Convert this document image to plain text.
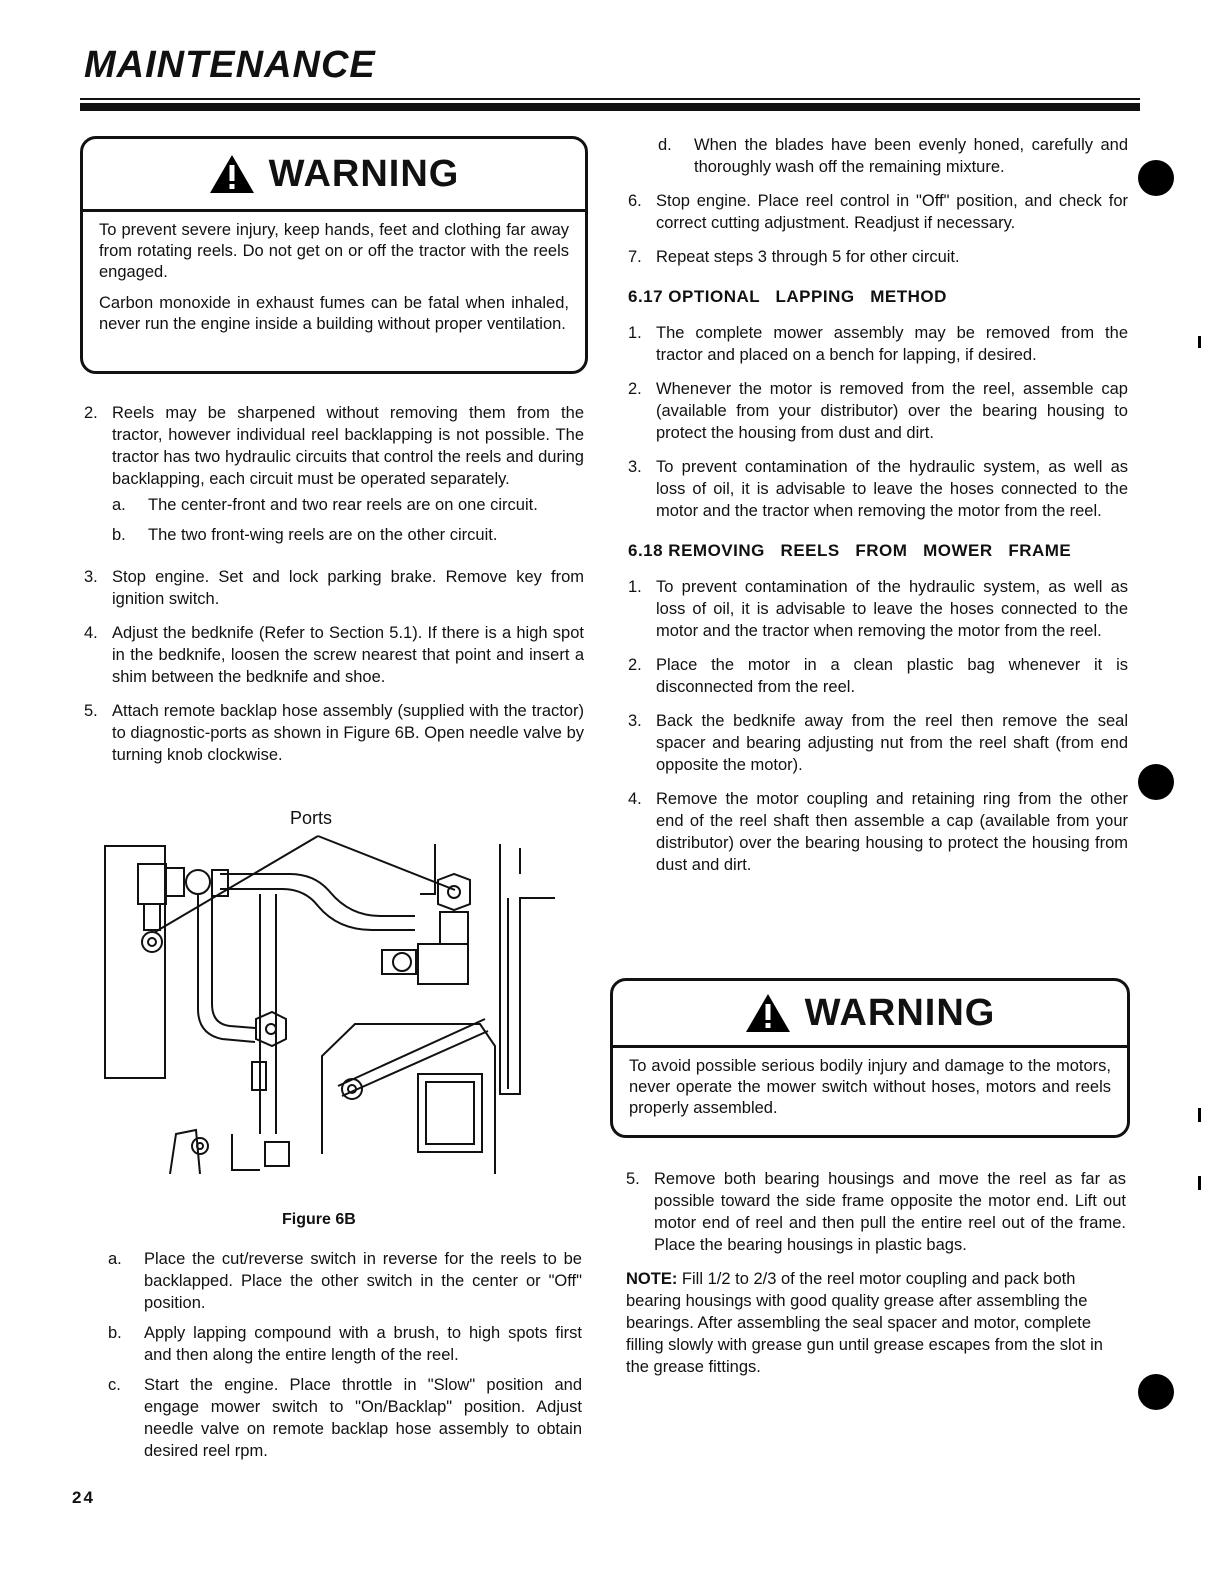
MAINTENANCE
WARNING

To prevent severe injury, keep hands, feet and clothing far away from rotating reels. Do not get on or off the tractor with the reels engaged.

Carbon monoxide in exhaust fumes can be fatal when inhaled, never run the engine inside a building without proper ventilation.

2. Reels may be sharpened without removing them from the tractor, however individual reel backlapping is not possible. The tractor has two hydraulic circuits that control the reels and during backlapping, each circuit must be operated separately.
a.	The center-front and two rear reels are on one circuit.
b.	The two front-wing reels are on the other circuit.
3. Stop engine. Set and lock parking brake. Remove key from ignition switch.
4. Adjust the bedknife (Refer to Section 5.1). If there is a high spot in the bedknife, loosen the screw nearest that point and insert a shim between the bedknife and shoe.
5. Attach remote backlap hose assembly (supplied with the tractor) to diagnostic-ports as shown in Figure 6B. Open needle valve by turning knob clockwise.
Ports
Figure 6B
a.	Place the cut/reverse switch in reverse for the reels to be backlapped. Place the other switch in the center or "Off" position.
b.	Apply lapping compound with a brush, to high spots first and then along the entire length of the reel.
c.	Start the engine. Place throttle in "Slow" position and engage mower switch to "On/Backlap" position. Adjust needle valve on remote backlap hose assembly to obtain desired reel rpm.
d.	When the blades have been evenly honed, carefully and thoroughly wash off the remaining mixture.
6. Stop engine. Place reel control in "Off" position, and check for correct cutting adjustment. Readjust if necessary.
7. Repeat steps 3 through 5 for other circuit.
6.17 OPTIONAL   LAPPING   METHOD
1. The complete mower assembly may be removed from the tractor and placed on a bench for lapping, if desired.
2. Whenever the motor is removed from the reel, assemble cap (available from your distributor) over the bearing housing to protect the housing from dust and dirt.
3. To prevent contamination of the hydraulic system, as well as loss of oil, it is advisable to leave the hoses connected to the motor and the tractor when removing the motor from the reel.
6.18 REMOVING   REELS   FROM   MOWER   FRAME
1. To prevent contamination of the hydraulic system, as well as loss of oil, it is advisable to leave the hoses connected to the motor and the tractor when removing the motor from the reel.
2. Place the motor in a clean plastic bag whenever it is disconnected from the reel.
3. Back the bedknife away from the reel then remove the seal spacer and bearing adjusting nut from the reel shaft (from end opposite the motor).
4. Remove the motor coupling and retaining ring from the other end of the reel shaft then assemble a cap (available from your distributor) over the bearing housing to protect the housing from dust and dirt.
WARNING

To avoid possible serious bodily injury and damage to the motors, never operate the mower switch without hoses, motors and reels properly assembled.

5. Remove both bearing housings and move the reel as far as possible toward the side frame opposite the motor end. Lift out motor end of reel and then pull the entire reel out of the frame. Place the bearing housings in plastic bags.
NOTE: Fill 1/2 to 2/3 of the reel motor coupling and pack both bearing housings with good quality grease after assembling the bearings. After assembling the seal spacer and motor, complete filling slowly with grease gun until grease escapes from the slot in the grease fittings.
24
